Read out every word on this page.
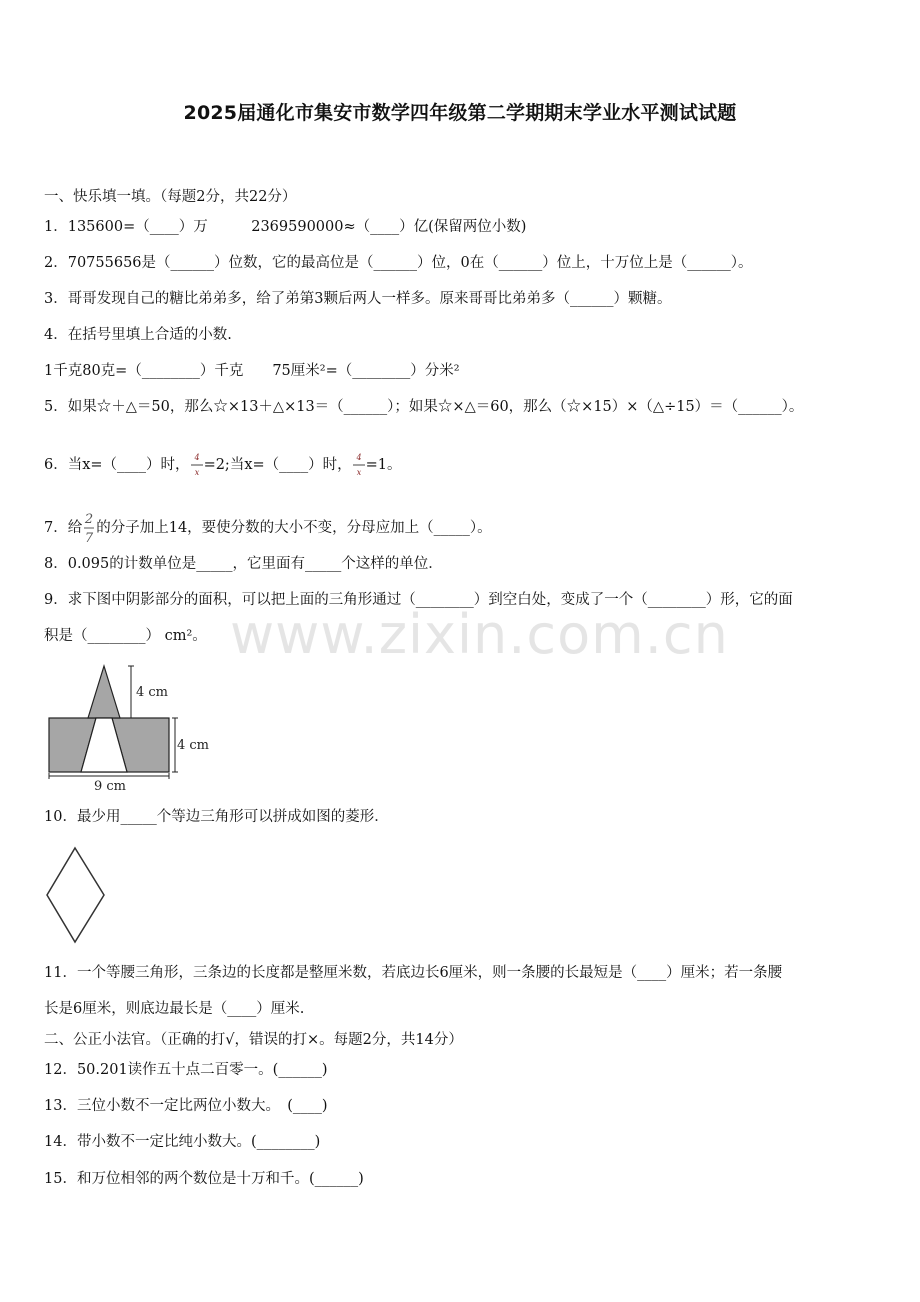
2025届通化市集安市数学四年级第二学期期末学业水平测试试题
www.zixin.com.cn
一、快乐填一填。（每题2分，共22分）
1．135600=（____）万　　　2369590000≈（____）亿(保留两位小数)
2．70755656是（______）位数，它的最高位是（______）位，0在（______）位上，十万位上是（______）。
3．哥哥发现自己的糖比弟弟多，给了弟第3颗后两人一样多。原来哥哥比弟弟多（______）颗糖。
4．在括号里填上合适的小数.
1千克80克=（________）千克　　75厘米²=（________）分米²
5．如果☆＋△＝50，那么☆×13＋△×13＝（______）；如果☆×△＝60，那么（☆×15）×（△÷15）＝（______）。
6．当x=（____）时， 4
x =2;当x=（____）时， 4
x =1。
7．给
2
7
的分子加上14，要使分数的大小不变，分母应加上（_____）。
8．0.095的计数单位是_____，它里面有_____个这样的单位．
9．求下图中阴影部分的面积，可以把上面的三角形通过（________）到空白处，变成了一个（________）形，它的面
积是（________） cm²。
4 cm
4 cm
9 cm
10．最少用_____个等边三角形可以拼成如图的菱形．
11．一个等腰三角形，三条边的长度都是整厘米数，若底边长6厘米，则一条腰的长最短是（____）厘米；若一条腰
长是6厘米，则底边最长是（____）厘米.
二、公正小法官。（正确的打√，错误的打×。每题2分，共14分）
12．50.201读作五十点二百零一。(______)
13．三位小数不一定比两位小数大。　(____)
14．带小数不一定比纯小数大。(________)
15．和万位相邻的两个数位是十万和千。(______)
